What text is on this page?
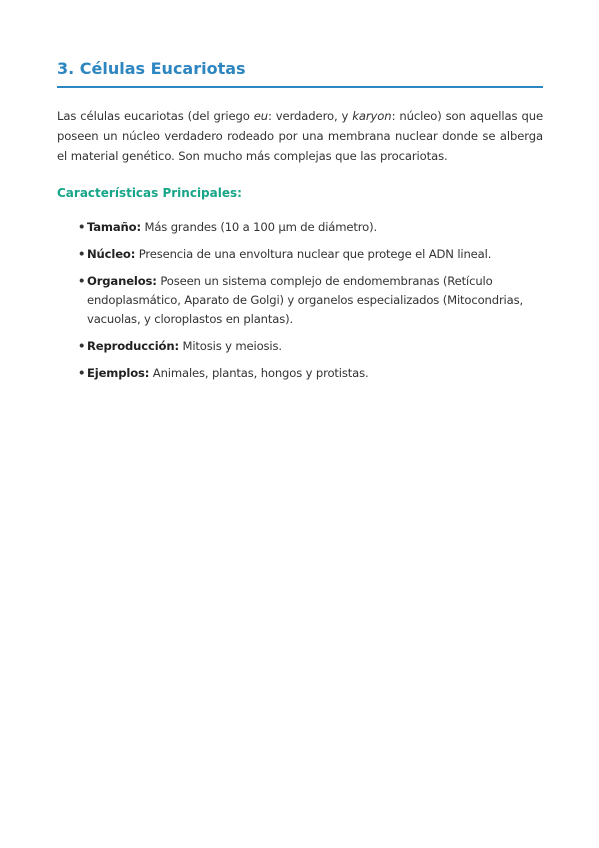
3. Células Eucariotas

Las células eucariotas (del griego eu: verdadero, y karyon: núcleo) son aquellas que poseen un núcleo verdadero rodeado por una membrana nuclear donde se alberga el material genético. Son mucho más complejas que las procariotas.

Características Principales:
• Tamaño: Más grandes (10 a 100 µm de diámetro).
• Núcleo: Presencia de una envoltura nuclear que protege el ADN lineal.
• Organelos: Poseen un sistema complejo de endomembranas (Retículo endoplasmático, Aparato de Golgi) y organelos especializados (Mitocondrias, vacuolas, y cloroplastos en plantas).
• Reproducción: Mitosis y meiosis.
• Ejemplos: Animales, plantas, hongos y protistas.
